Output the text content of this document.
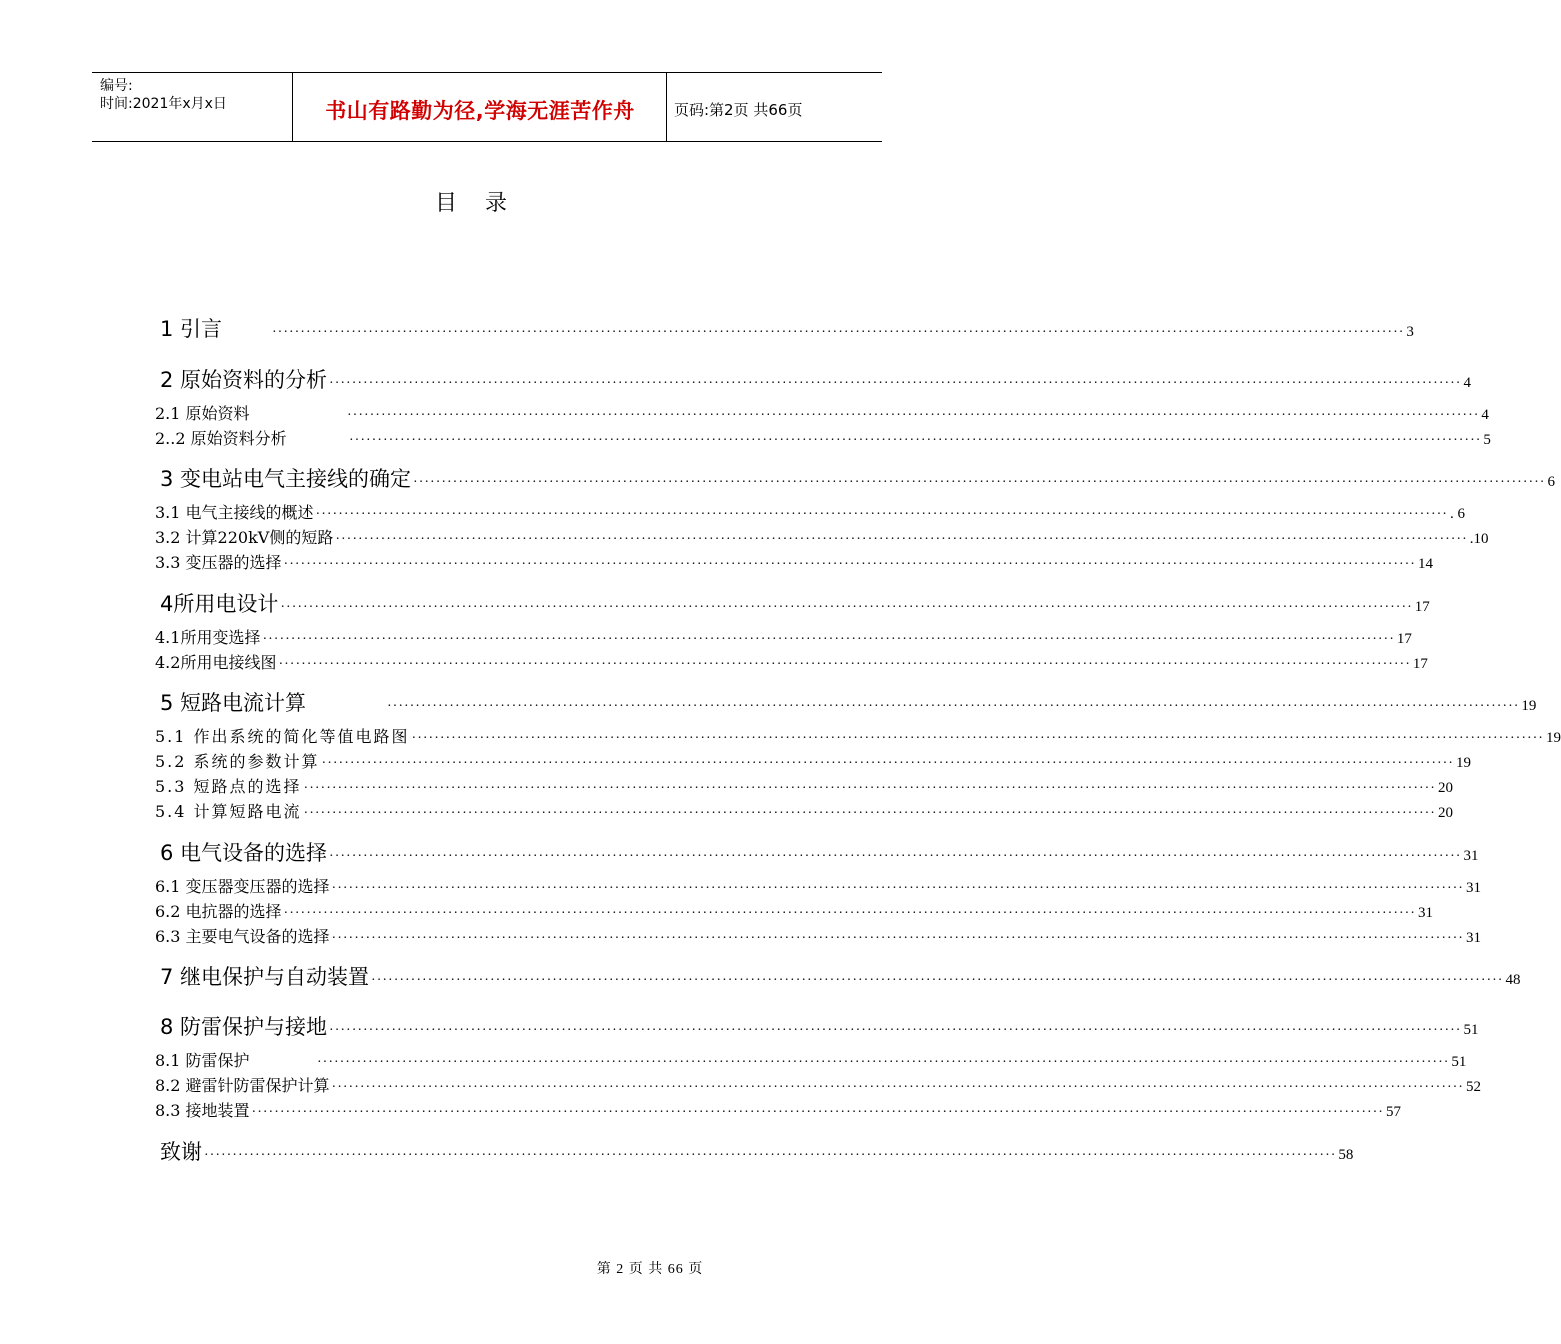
编号:
时间:2021年x月x日	书山有路勤为径,学海无涯苦作舟	页码:第2页 共66页
目录
1 引言	········································································································································································································ 3
2 原始资料的分析 ········································································································································································································ 4
2.1 原始资料	········································································································································································································ 4
2..2 原始资料分析	········································································································································································································ 5
3 变电站电气主接线的确定 ········································································································································································································ 6
3.1 电气主接线的概述 ········································································································································································································ . 6
3.2 计算220kV侧的短路 ········································································································································································································ .10
3.3 变压器的选择 ········································································································································································································ 14
4所用电设计 ········································································································································································································ 17
4.1所用变选择 ········································································································································································································ 17
4.2所用电接线图 ········································································································································································································ 17
5 短路电流计算	········································································································································································································ 19
5.1 作出系统的简化等值电路图 ········································································································································································································ 19
5.2 系统的参数计算 ········································································································································································································ 19
5.3 短路点的选择 ········································································································································································································ 20
5.4 计算短路电流 ········································································································································································································ 20
6 电气设备的选择 ········································································································································································································ 31
6.1 变压器变压器的选择 ········································································································································································································ 31
6.2 电抗器的选择 ········································································································································································································ 31
6.3 主要电气设备的选择 ········································································································································································································ 31
7 继电保护与自动装置 ········································································································································································································ 48
8 防雷保护与接地 ········································································································································································································ 51
8.1 防雷保护	········································································································································································································ 51
8.2 避雷针防雷保护计算 ········································································································································································································ 52
8.3 接地装置 ········································································································································································································ 57
致谢 ········································································································································································································ 58
第 2 页 共 66 页
